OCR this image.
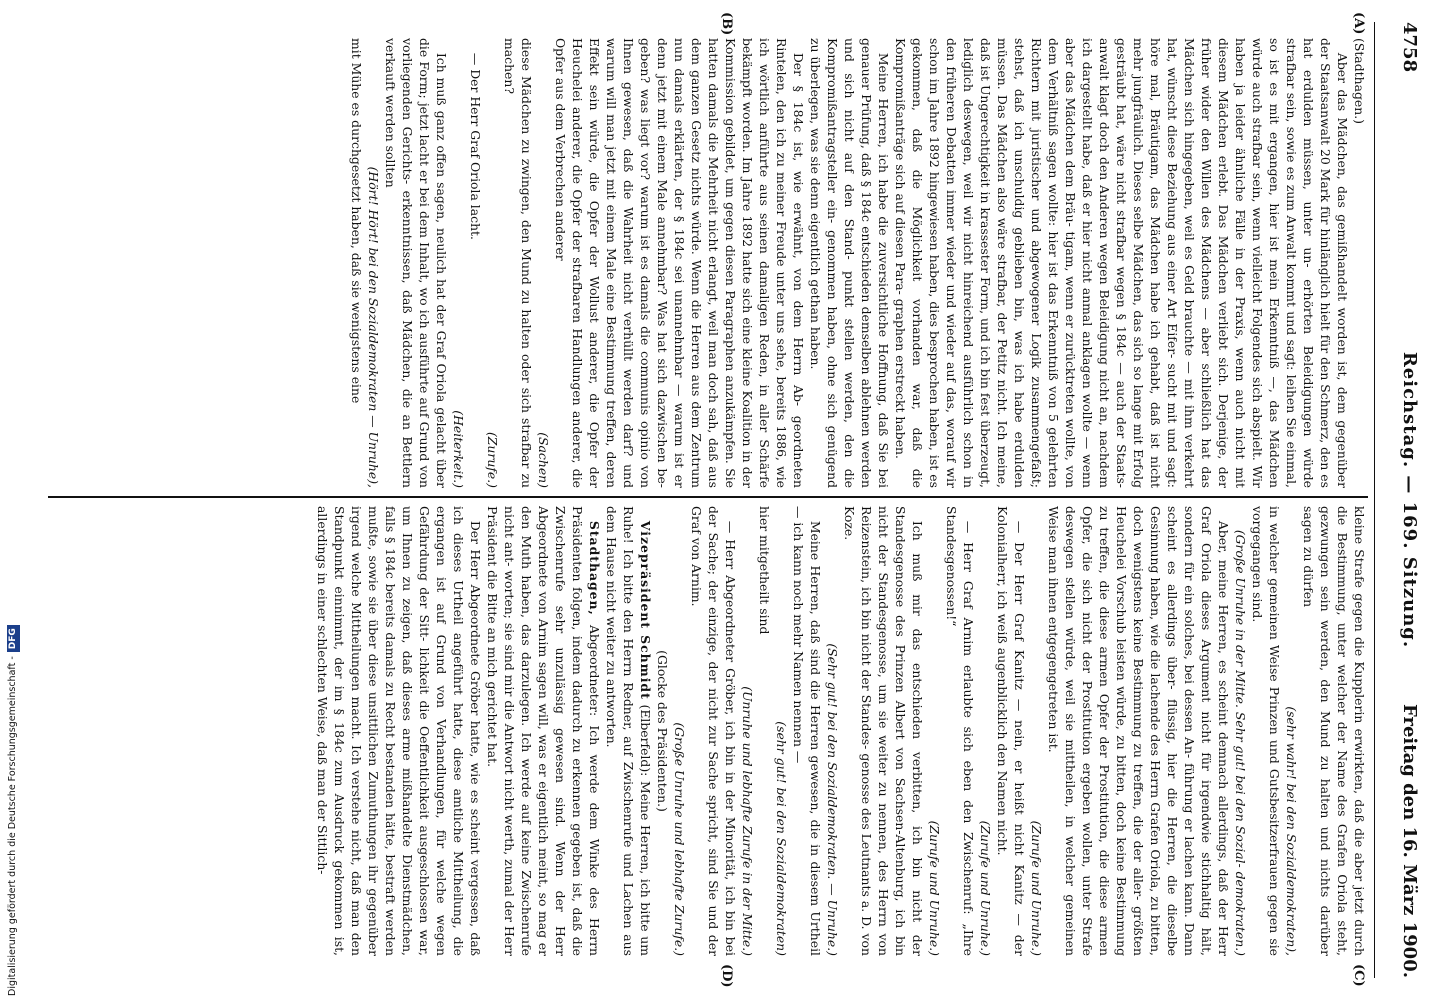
4758
Reichstag. — 169. Sitzung.
Freitag den 16. März 1900.
(A)
(B)
(C)
(D)

(Stadthagen.)

Aber das Mädchen, das gemißhandelt worden ist, dem gegenüber der Staatsanwalt 20 Mark für hinlänglich hielt für den Schmerz, den es hat erdulden müssen, unter un- erhörten Beleidigungen würde strafbar sein, sowie es zum Anwalt kommt und sagt: leihen Sie einmal, so ist es mit ergangen, hier ist mein Erkenntniß —, das Mädchen würde auch strafbar sein, wenn vielleicht Folgendes sich abspielt. Wir haben ja leider ähnliche Fälle in der Praxis, wenn auch nicht mit diesem Mädchen erlebt. Das Mädchen verliebt sich. Derjenige, der früher wider den Willen des Mädchens — aber schließlich hat das Mädchen sich hingegeben, weil es Geld brauchte — mit ihm verkehrt hat, wünscht diese Beziehung aus einer Art Eifer- sucht mit und sagt: höre mal, Bräutigam, das Mädchen habe ich gehabt, daß ist nicht mehr jungfräulich. Dieses selbe Mädchen, das sich so lange mit Erfolg gesträubt hat, wäre nicht strafbar wegen § 184c — auch der Staats- anwalt klagt doch den Anderen wegen Beleidigung nicht an, nachdem ich dargestellt habe, daß er hier nicht anmal anklagen wollte — wenn aber das Mädchen dem Bräu- tigam, wenn er zurücktreten wollte, von dem Verhältniß sagen wollte: hier ist das Erkenntniß von 5 gelehrten Richtern mit juristischer und abgewogener Logik zusammengefaßt; stehst, daß ich unschuldig geblieben bin, was ich habe erdulden müssen. Das Mädchen also wäre strafbar, der Petitz nicht. Ich meine, daß ist Ungerechtigkeit in krassester Form, und ich bin fest überzeugt, lediglich deswegen, weil wir nicht hinreichend ausführlich schon in den früheren Debatten immer wieder und wieder auf das, worauf wir schon im Jahre 1892 hingewiesen haben, dies besprochen haben, ist es gekommen, daß die Möglichkeit vorhanden war, daß die Kompromißanträge sich auf diesen Para- graphen erstreckt haben.

Meine Herren, ich habe die zuversichtliche Hoffnung, daß Sie bei genauer Prüfung, daß § 184c entschieden demselben ablehnen werden und sich nicht auf den Stand- punkt stellen werden, den die Kompromißantragsteller ein- genommen haben, ohne sich genügend zu überlegen, was sie denn eigentlich gethan haben.

Der § 184c ist, wie erwähnt, von dem Herrn Ab- geordneten Rintelen, den ich zu meiner Freude unter uns sehe, bereits 1886, wie ich wörtlich anführte aus seinen damaligen Reden, in aller Schärfe bekämpft worden. Im Jahre 1892 hatte sich eine kleine Koalition in der Kommission gebildet, um gegen diesen Paragraphen anzukämpfen. Sie hatten damals die Mehrheit nicht erlangt, weil man doch sah, daß aus dem ganzen Gesetz nichts würde. Wenn die Herren aus dem Zentrum nun damals erklärten, der § 184c sei unannehmbar — warum ist er denn jetzt mit einem Male annehmbar? Was hat sich dazwischen be- geben? was liegt vor? warum ist es damals die communis opinio von Ihnen gewesen, daß die Wahrheit nicht verhüllt werden darf? und warum will man jetzt mit einem Male eine Bestimmung treffen, deren Effekt sein würde, die Opfer der Wollust anderer, die Opfer der Heuchelei anderer, die Opfer der strafbaren Handlungen anderer, die Opfer aus dem Verbrechen anderer

(Sachen)

diese Mädchen zu zwingen, den Mund zu halten oder sich strafbar zu machen?

(Zurufe.)

— Der Herr Graf Oriola lacht.

(Heiterkeit.)

Ich muß ganz offen sagen, neulich hat der Graf Oriola gelacht über die Form; jetzt lacht er bei dem Inhalt, wo ich ausführte auf Grund von vorliegenden Gerichts- erkenntnissen, daß Mädchen, die an Bettlern verkauft werden sollten

(Hört! Hört! bei den Sozialdemokraten — Unruhe),

mit Mühe es durchgesetzt haben, daß sie wenigstens eine

kleine Strafe gegen die Kupplerin erwirkten, daß die aber jetzt durch die Bestimmung, unter welcher der Name des Grafen Oriola steht, gezwungen sein werden, den Mund zu halten und nichts darüber sagen zu dürfen

(sehr wahr! bei den Sozialdemokraten),

in welcher gemeinen Weise Prinzen und Gutsbesitzerfrauen gegen sie vorgegangen sind.

(Große Unruhe in der Mitte. Sehr gut! bei den Sozial- demokraten.)

Aber, meine Herren, es scheint demnach allerdings, daß der Herr Graf Oriola dieses Argument nicht für irgendwie stichhaltig hält, sondern für ein solches, bei dessen An- führung er lachen kann. Dann scheint es allerdings über- flüssig, hier die Herren, die dieselbe Gesinnung haben, wie die lachende des Herrn Grafen Oriola, zu bitten, doch wenigstens keine Bestimmung zu treffen, die der aller- größten Heuchelei Vorschub leisten würde, zu bitten, doch keine Bestimmung zu treffen, die diese armen Opfer der Prostitution, die diese armen Opfer, die sich nicht der Prostitution ergeben wollen, unter Strafe deswegen stellen würde, weil sie mittheilen, in welcher gemeinen Weise man ihnen entgegengetreten ist.

(Zurufe und Unruhe.)

— Der Herr Graf Kanitz — nein, er heißt nicht Kanitz — der Kolonialherr, ich weiß augenblicklich den Namen nicht.

(Zurufe und Unruhe.)

— Herr Graf Arnim erlaubte sich eben den Zwischenruf: „Ihre Standesgenossen!“

(Zurufe und Unruhe.)

Ich muß mir das entschieden verbitten, ich bin nicht der Standesgenosse des Prinzen Albert von Sachsen-Altenburg, ich bin nicht der Standesgenosse, um sie weiter zu nennen, des Herrn von Reizenstein, ich bin nicht der Standes- genosse des Leutnants a. D. von Koze.

(Sehr gut! bei den Sozialdemokraten. — Unruhe.)

Meine Herren, daß sind die Herren gewesen, die in diesem Urtheil — ich kann noch mehr Namen nennen —

(sehr gut! bei den Sozialdemokraten)

hier mitgetheilt sind

(Unruhe und lebhafte Zurufe in der Mitte.)

— Herr Abgeordneter Gröber, ich bin in der Minorität, ich bin bei der Sache; der einzige, der nicht zur Sache spricht, sind Sie und der Graf von Arnim.

(Große Unruhe und lebhafte Zurufe.)

(Glocke des Präsidenten.)

Vizepräsident Schmidt (Elberfeld): Meine Herren, ich bitte um Ruhe! Ich bitte den Herrn Redner, auf Zwischenrufe und Lachen aus dem Hause nicht weiter zu antworten.

Stadthagen, Abgeordneter: Ich werde dem Winke des Herrn Präsidenten folgen, indem dadurch zu erkennen gegeben ist, daß die Zwischenrufe sehr unzulässig gewesen sind. Wenn der Herr Abgeordnete von Arnim sagen will, was er eigentlich meint, so mag er den Muth haben, das darzulegen. Ich werde auf keine Zwischenrufe nicht ant- worten; sie sind mir die Antwort nicht werth, zumal der Herr Präsident die Bitte an mich gerichtet hat.

Der Herr Abgeordnete Gröber hatte, wie es scheint vergessen, daß ich dieses Urtheil angeführt hatte, diese amtliche Mittheilung, die ergangen ist auf Grund von Verhandlungen, für welche wegen Gefährdung der Sitt- lichkeit die Oeffentlichkeit ausgeschlossen war, um Ihnen zu zeigen, daß dieses arme mißhandelte Dienstmädchen, falls § 184c bereits damals zu Recht bestanden hätte, bestraft werden mußte, sowie sie über diese unsittlichen Zumuthungen ihr gegenüber irgend welche Mittheilungen macht. Ich verstehe nicht, daß man den Standpunkt einnimmt, der im § 184c zum Ausdruck gekommen ist, allerdings in einer schlechten Weise, daß man der Sittlich-

Digitalisierung gefördert durch die Deutsche Forschungsgemeinschaft -DFG
